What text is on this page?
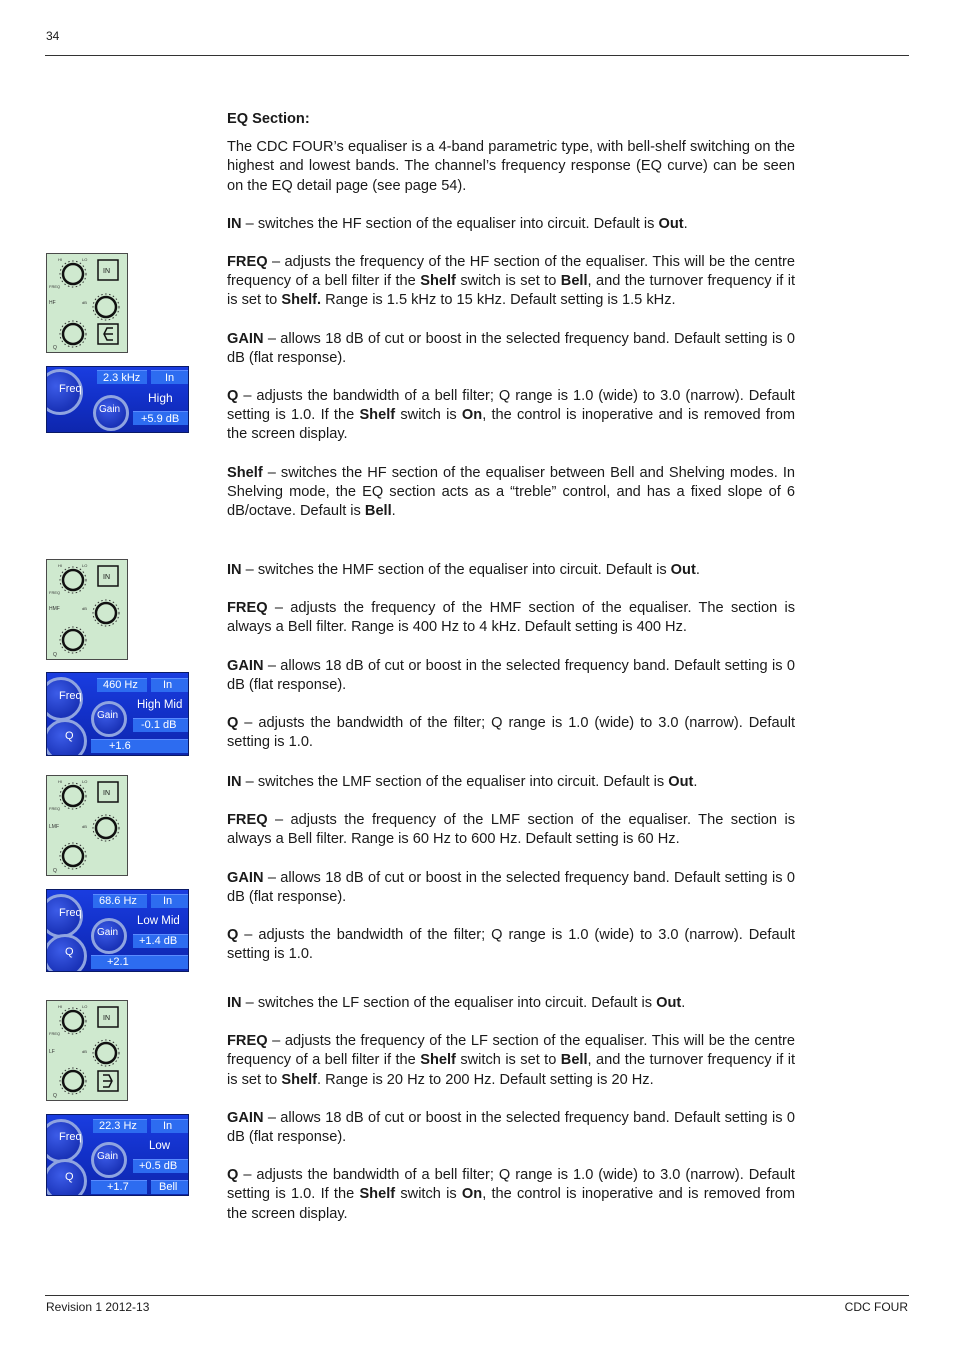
34

EQ Section:

The CDC FOUR’s equaliser is a 4-band parametric type, with bell-shelf switching on the highest and lowest bands. The channel’s frequency response (EQ curve) can be seen on the EQ detail page (see page 54).

IN – switches the HF section of the equaliser into circuit. Default is Out.

FREQ – adjusts the frequency of the HF section of the equaliser. This will be the centre frequency of a bell filter if the Shelf switch is set to Bell, and the turnover frequency if it is set to Shelf. Range is 1.5 kHz to 15 kHz. Default setting is 1.5 kHz.

GAIN – allows 18 dB of cut or boost in the selected frequency band. Default setting is 0 dB (flat response).

Q – adjusts the bandwidth of a bell filter; Q range is 1.0 (wide) to 3.0 (narrow). Default setting is 1.0. If the Shelf switch is On, the control is inoperative and is removed from the screen display.

Shelf – switches the HF section of the equaliser between Bell and Shelving modes. In Shelving mode, the EQ section acts as a “treble” control, and has a fixed slope of 6 dB/octave. Default is Bell.

IN – switches the HMF section of the equaliser into circuit. Default is Out.

FREQ – adjusts the frequency of the HMF section of the equaliser. The section is always a Bell filter. Range is 400 Hz to 4 kHz. Default setting is 400 Hz.

GAIN – allows 18 dB of cut or boost in the selected frequency band. Default setting is 0 dB (flat response).

Q – adjusts the bandwidth of the filter; Q range is 1.0 (wide) to 3.0 (narrow). Default setting is 1.0.

IN – switches the LMF section of the equaliser into circuit. Default is Out.

FREQ – adjusts the frequency of the LMF section of the equaliser. The section is always a Bell filter. Range is 60 Hz to 600 Hz. Default setting is 60 Hz.

GAIN – allows 18 dB of cut or boost in the selected frequency band. Default setting is 0 dB (flat response).

Q – adjusts the bandwidth of the filter; Q range is 1.0 (wide) to 3.0 (narrow). Default setting is 1.0.

IN – switches the LF section of the equaliser into circuit. Default is Out.

FREQ – adjusts the frequency of the LF section of the equaliser. This will be the centre frequency of a bell filter if the Shelf switch is set to Bell, and the turnover frequency if it is set to Shelf. Range is 20 Hz to 200 Hz. Default setting is 20 Hz.

GAIN – allows 18 dB of cut or boost in the selected frequency band. Default setting is 0 dB (flat response).

Q – adjusts the bandwidth of a bell filter; Q range is 1.0 (wide) to 3.0 (narrow). Default setting is 1.0. If the Shelf switch is On, the control is inoperative and is removed from the screen display.

HI	LO
FREQ
HF	dB
Q
IN
HI	LO
FREQ
HMF	dB
Q
IN
HI	LO
FREQ
LMF	dB
Q
IN
HI	LO
FREQ
LF	dB
Q
IN
Freq
Gain
2.3 kHz In
High
+5.9 dB
Freq
Gain
Q
460 Hz In
High Mid
-0.1 dB
+1.6
Freq
Gain
Q
68.6 Hz In
Low Mid
+1.4 dB
+2.1
Freq
Gain
Q
22.3 Hz In
Low
+0.5 dB
+1.7	Bell
Revision 1 2012-13	CDC FOUR
